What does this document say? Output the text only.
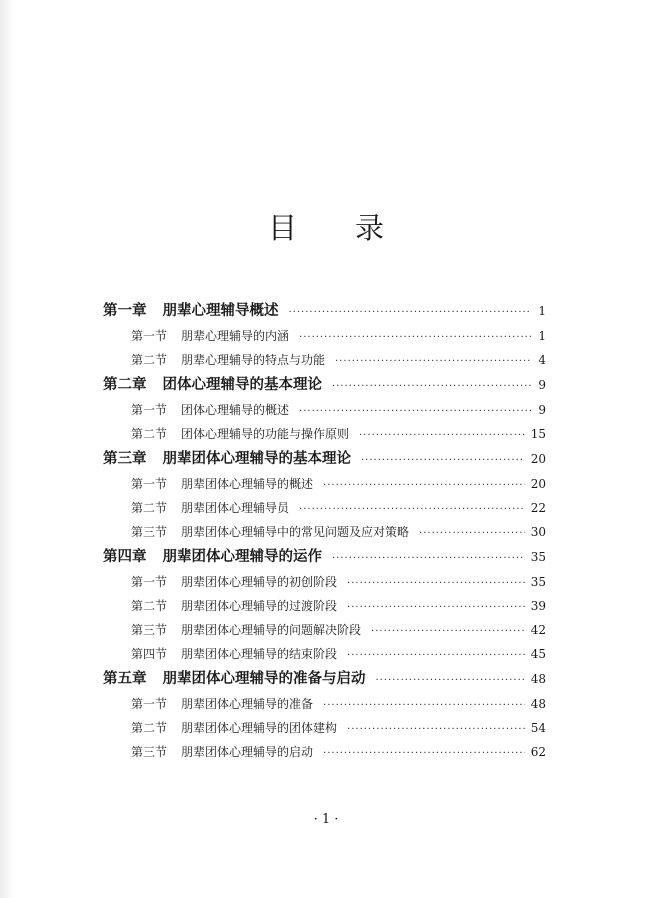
目 录
第一章 朋辈心理辅导概述 ·····	1
第一节 朋辈心理辅导的内涵 ·····	1
第二节 朋辈心理辅导的特点与功能 ·····	4
第二章 团体心理辅导的基本理论 ·····	9
第一节 团体心理辅导的概述 ·····	9
第二节 团体心理辅导的功能与操作原则 ·····	15
第三章 朋辈团体心理辅导的基本理论 ·····	20
第一节 朋辈团体心理辅导的概述 ·····	20
第二节 朋辈团体心理辅导员 ·····	22
第三节 朋辈团体心理辅导中的常见问题及应对策略 ·····	30
第四章 朋辈团体心理辅导的运作 ·····	35
第一节 朋辈团体心理辅导的初创阶段 ·····	35
第二节 朋辈团体心理辅导的过渡阶段 ·····	39
第三节 朋辈团体心理辅导的问题解决阶段 ·····	42
第四节 朋辈团体心理辅导的结束阶段 ·····	45
第五章 朋辈团体心理辅导的准备与启动 ·····	48
第一节 朋辈团体心理辅导的准备 ·····	48
第二节 朋辈团体心理辅导的团体建构 ·····	54
第三节 朋辈团体心理辅导的启动 ·····	62
· 1 ·
